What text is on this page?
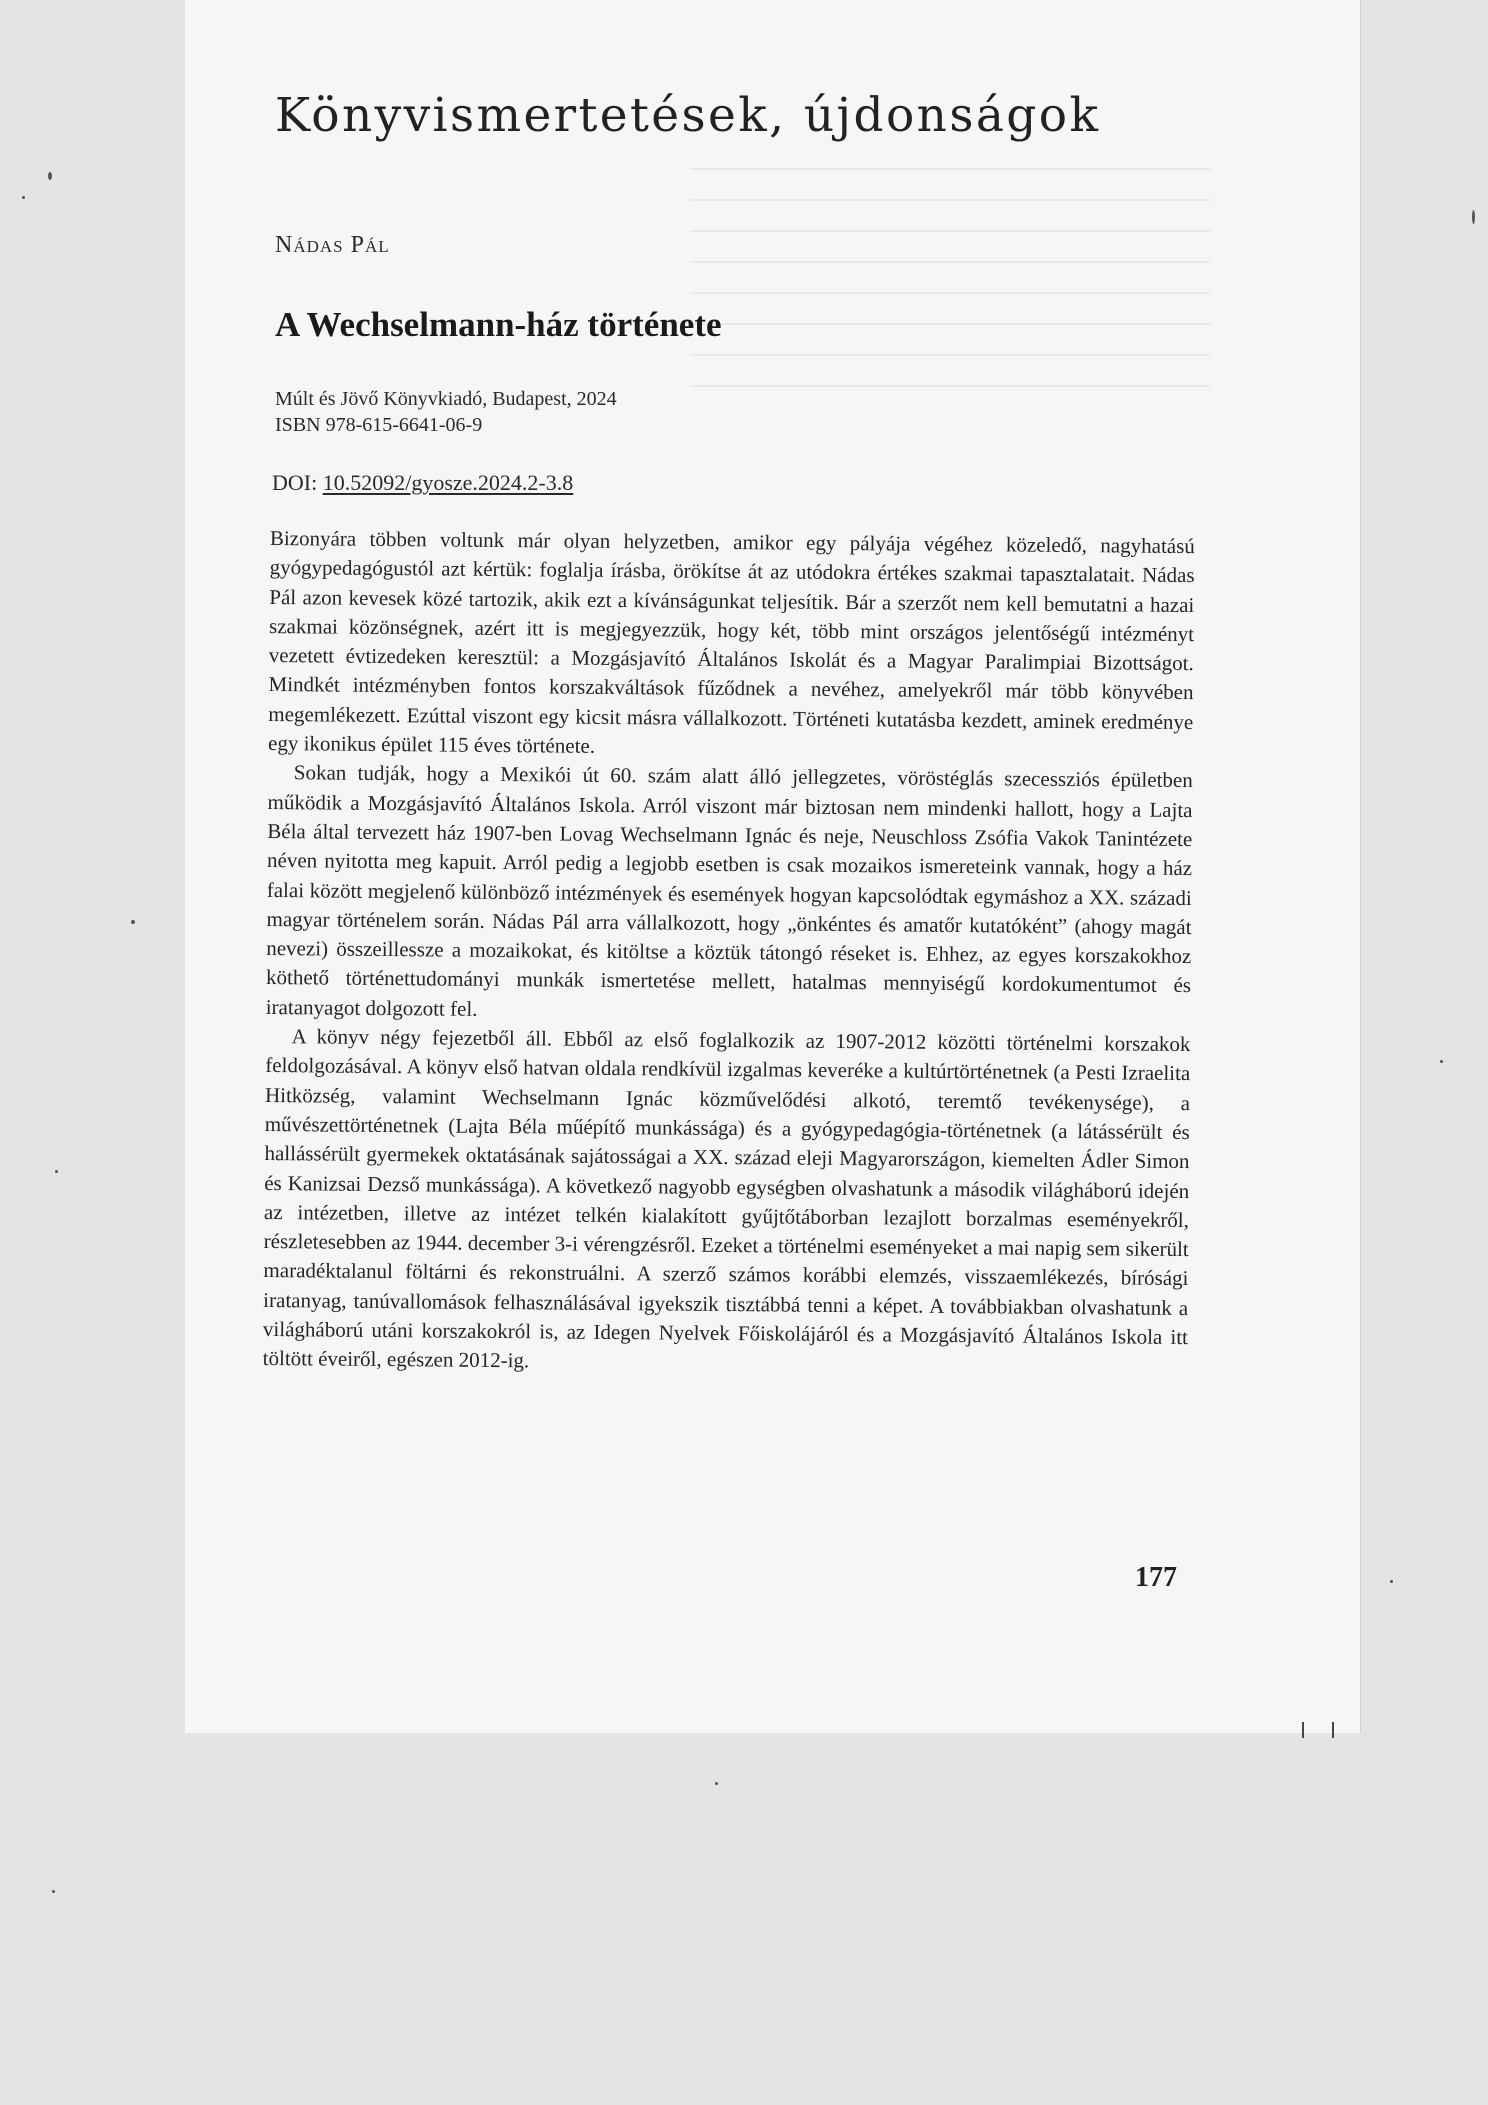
Könyvismertetések, újdonságok
Nádas Pál
A Wechselmann-ház története
Múlt és Jövő Könyvkiadó, Budapest, 2024
ISBN 978-615-6641-06-9
DOI: 10.52092/gyosze.2024.2-3.8

Bizonyára többen voltunk már olyan helyzetben, amikor egy pályája végéhez közeledő, nagyhatású gyógypedagógustól azt kértük: foglalja írásba, örökítse át az utódokra értékes szakmai tapasztalatait. Nádas Pál azon kevesek közé tartozik, akik ezt a kívánságunkat teljesítik. Bár a szerzőt nem kell bemutatni a hazai szakmai közönségnek, azért itt is megjegyezzük, hogy két, több mint országos jelentőségű intézményt vezetett évtizedeken keresztül: a Mozgásjavító Általános Iskolát és a Magyar Paralimpiai Bizottságot. Mindkét intézményben fontos korszakváltások fűződnek a nevéhez, amelyekről már több könyvében megemlékezett. Ezúttal viszont egy kicsit másra vállalkozott. Történeti kutatásba kezdett, aminek eredménye egy ikonikus épület 115 éves története.

Sokan tudják, hogy a Mexikói út 60. szám alatt álló jellegzetes, vöröstéglás szecessziós épületben működik a Mozgásjavító Általános Iskola. Arról viszont már biztosan nem mindenki hallott, hogy a Lajta Béla által tervezett ház 1907-ben Lovag Wechselmann Ignác és neje, Neuschloss Zsófia Vakok Tanintézete néven nyitotta meg kapuit. Arról pedig a legjobb esetben is csak mozaikos ismereteink vannak, hogy a ház falai között megjelenő különböző intézmények és események hogyan kapcsolódtak egymáshoz a XX. századi magyar történelem során. Nádas Pál arra vállalkozott, hogy „önkéntes és amatőr kutatóként” (ahogy magát nevezi) összeillessze a mozaikokat, és kitöltse a köztük tátongó réseket is. Ehhez, az egyes korszakokhoz köthető történettudományi munkák ismertetése mellett, hatalmas mennyiségű kordokumentumot és iratanyagot dolgozott fel.

A könyv négy fejezetből áll. Ebből az első foglalkozik az 1907-2012 közötti történelmi korszakok feldolgozásával. A könyv első hatvan oldala rendkívül izgalmas keveréke a kultúrtörténetnek (a Pesti Izraelita Hitközség, valamint Wechselmann Ignác közművelődési alkotó, teremtő tevékenysége), a művészettörténetnek (Lajta Béla műépítő munkássága) és a gyógypedagógia-történetnek (a látássérült és hallássérült gyermekek oktatásának sajátosságai a XX. század eleji Magyarországon, kiemelten Ádler Simon és Kanizsai Dezső munkássága). A következő nagyobb egységben olvashatunk a második világháború idején az intézetben, illetve az intézet telkén kialakított gyűjtőtáborban lezajlott borzalmas eseményekről, részletesebben az 1944. december 3-i vérengzésről. Ezeket a történelmi eseményeket a mai napig sem sikerült maradéktalanul föltárni és rekonstruálni. A szerző számos korábbi elemzés, visszaemlékezés, bírósági iratanyag, tanúvallomások felhasználásával igyekszik tisztábbá tenni a képet. A továbbiakban olvashatunk a világháború utáni korszakokról is, az Idegen Nyelvek Főiskolájáról és a Mozgásjavító Általános Iskola itt töltött éveiről, egészen 2012-ig.

177
